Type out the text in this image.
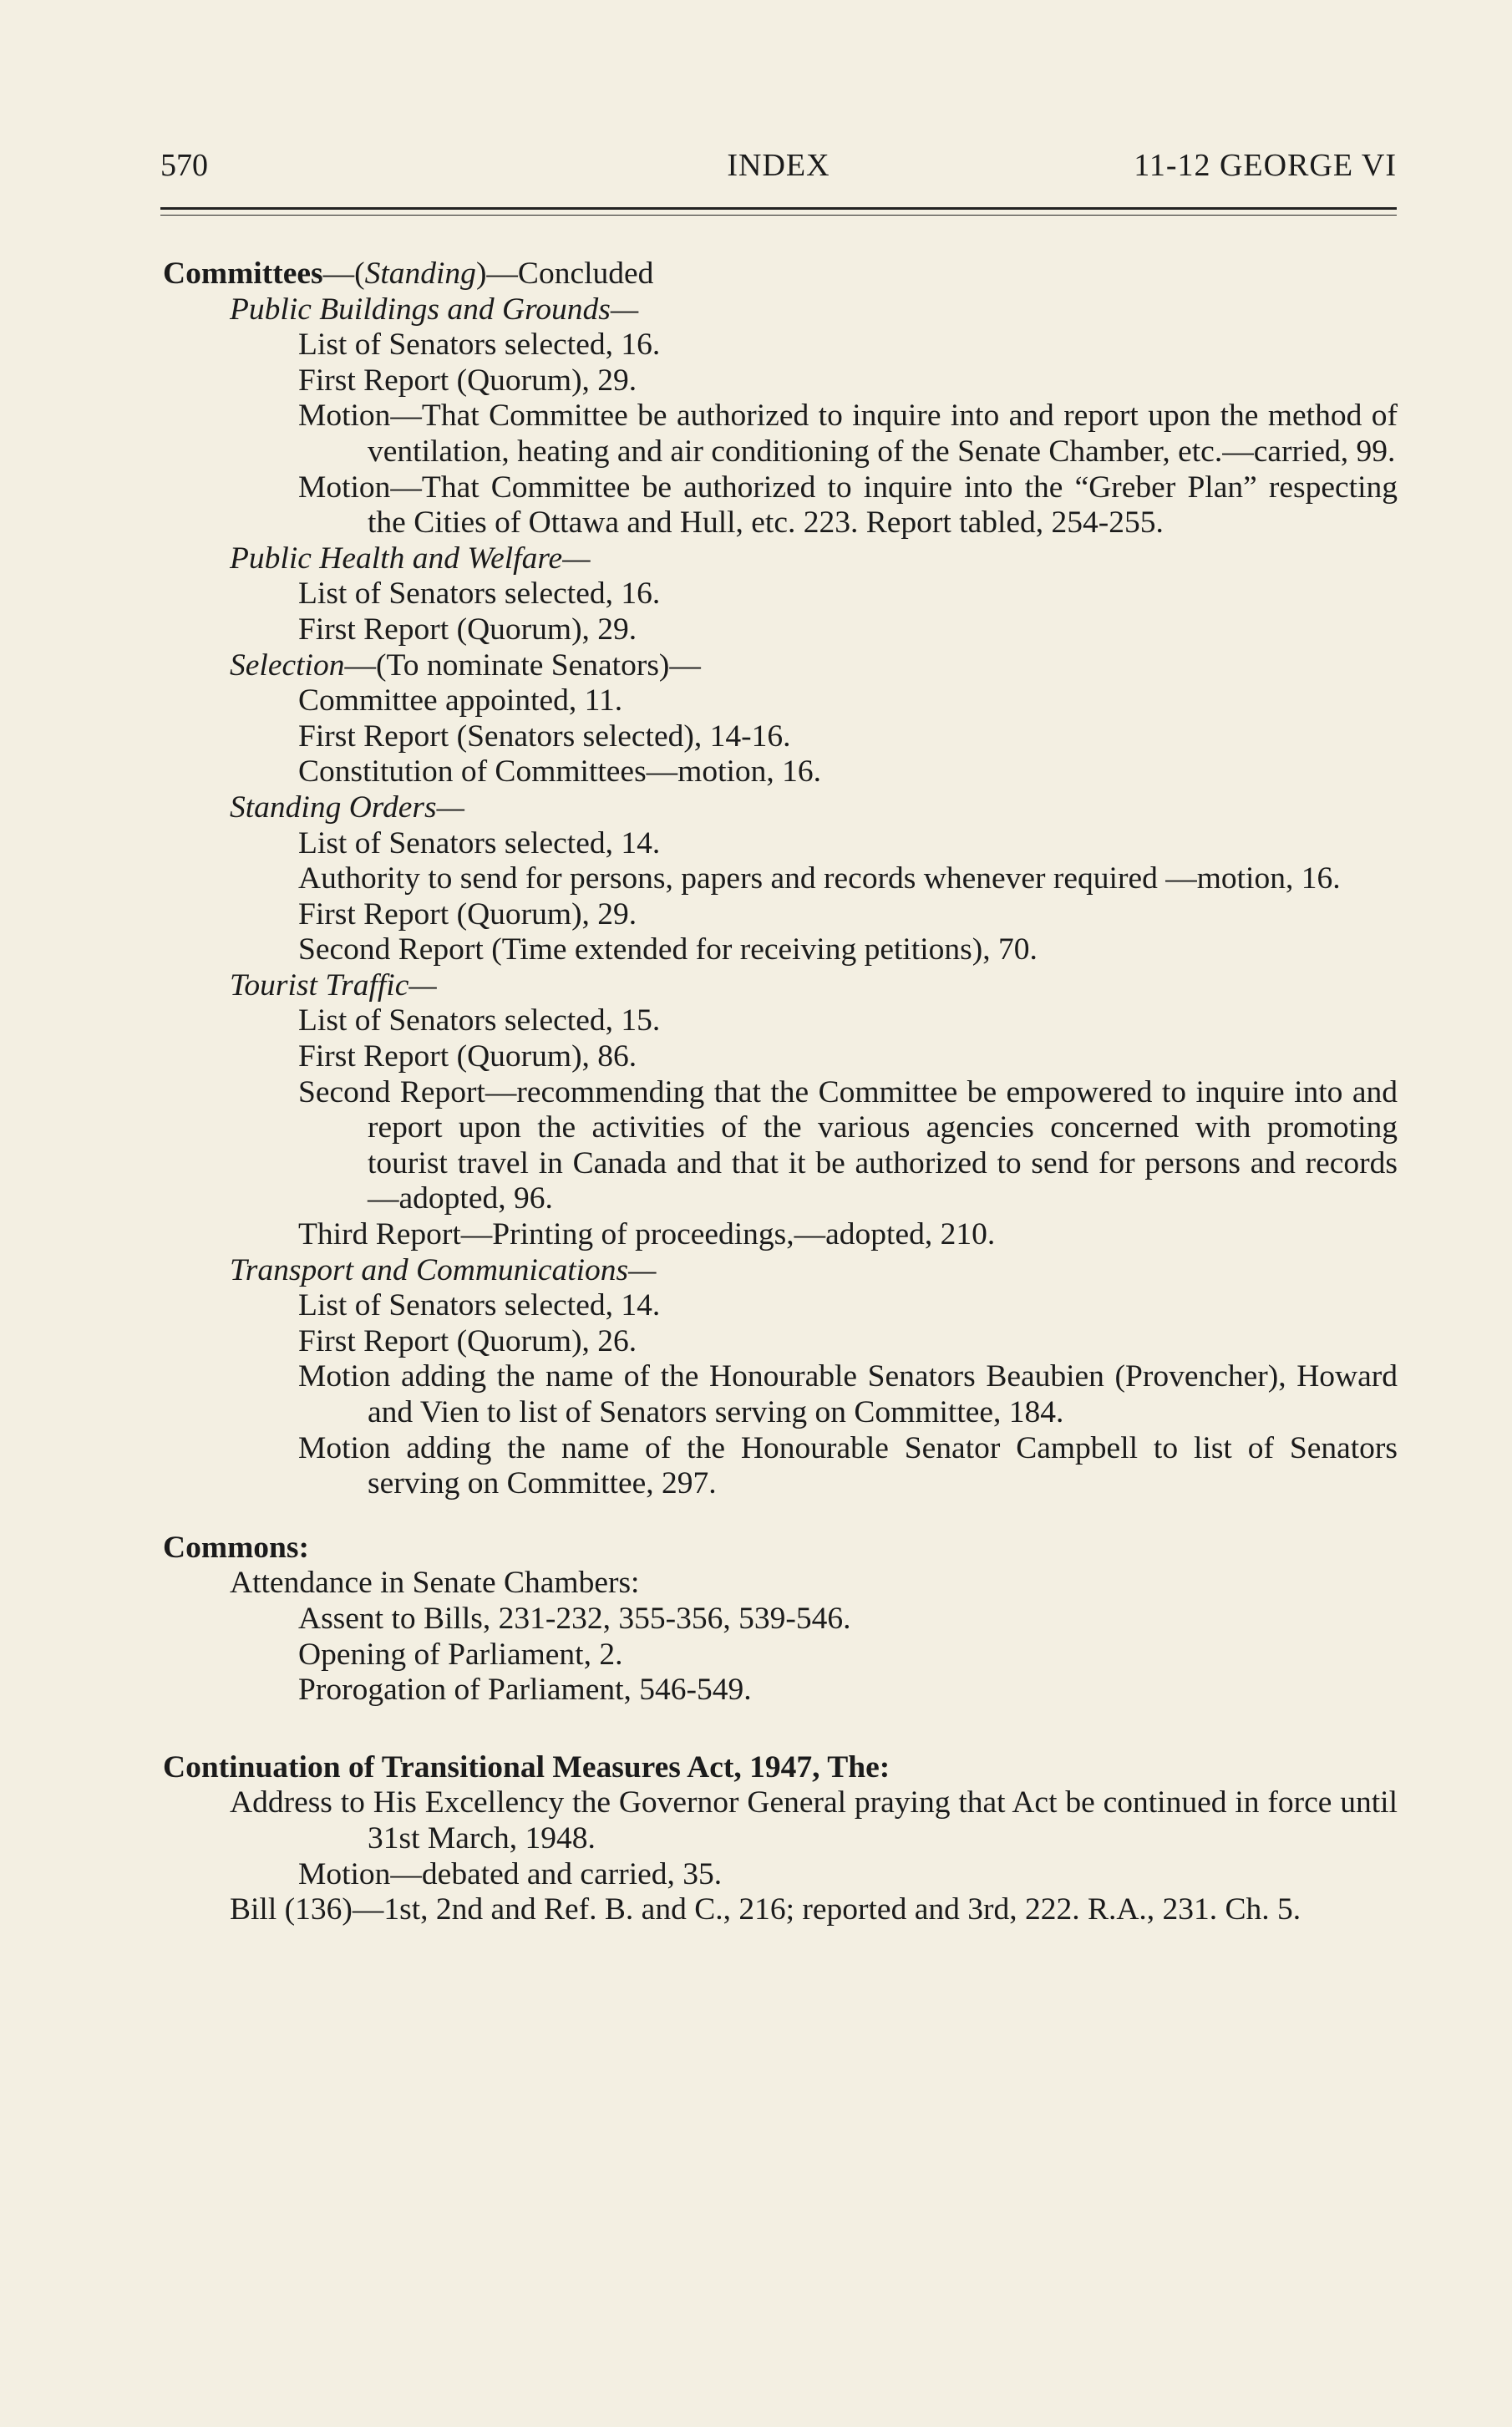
570	INDEX	11-12 GEORGE VI
Committees—(Standing)—Concluded
Public Buildings and Grounds—
List of Senators selected, 16.
First Report (Quorum), 29.
Motion—That Committee be authorized to inquire into and report upon the method of ventilation, heating and air conditioning of the Senate Chamber, etc.—carried, 99.
Motion—That Committee be authorized to inquire into the “Greber Plan” respecting the Cities of Ottawa and Hull, etc. 223. Report tabled, 254-255.
Public Health and Welfare—
List of Senators selected, 16.
First Report (Quorum), 29.
Selection—(To nominate Senators)—
Committee appointed, 11.
First Report (Senators selected), 14-16.
Constitution of Committees—motion, 16.
Standing Orders—
List of Senators selected, 14.
Authority to send for persons, papers and records whenever required —motion, 16.
First Report (Quorum), 29.
Second Report (Time extended for receiving petitions), 70.
Tourist Traffic—
List of Senators selected, 15.
First Report (Quorum), 86.
Second Report—recommending that the Committee be empowered to inquire into and report upon the activities of the various agencies concerned with promoting tourist travel in Canada and that it be authorized to send for persons and records—adopted, 96.
Third Report—Printing of proceedings,—adopted, 210.
Transport and Communications—
List of Senators selected, 14.
First Report (Quorum), 26.
Motion adding the name of the Honourable Senators Beaubien (Provencher), Howard and Vien to list of Senators serving on Committee, 184.
Motion adding the name of the Honourable Senator Campbell to list of Senators serving on Committee, 297.
Commons:
Attendance in Senate Chambers:
Assent to Bills, 231-232, 355-356, 539-546.
Opening of Parliament, 2.
Prorogation of Parliament, 546-549.
Continuation of Transitional Measures Act, 1947, The:
Address to His Excellency the Governor General praying that Act be continued in force until 31st March, 1948.
Motion—debated and carried, 35.
Bill (136)—1st, 2nd and Ref. B. and C., 216; reported and 3rd, 222. R.A., 231. Ch. 5.
